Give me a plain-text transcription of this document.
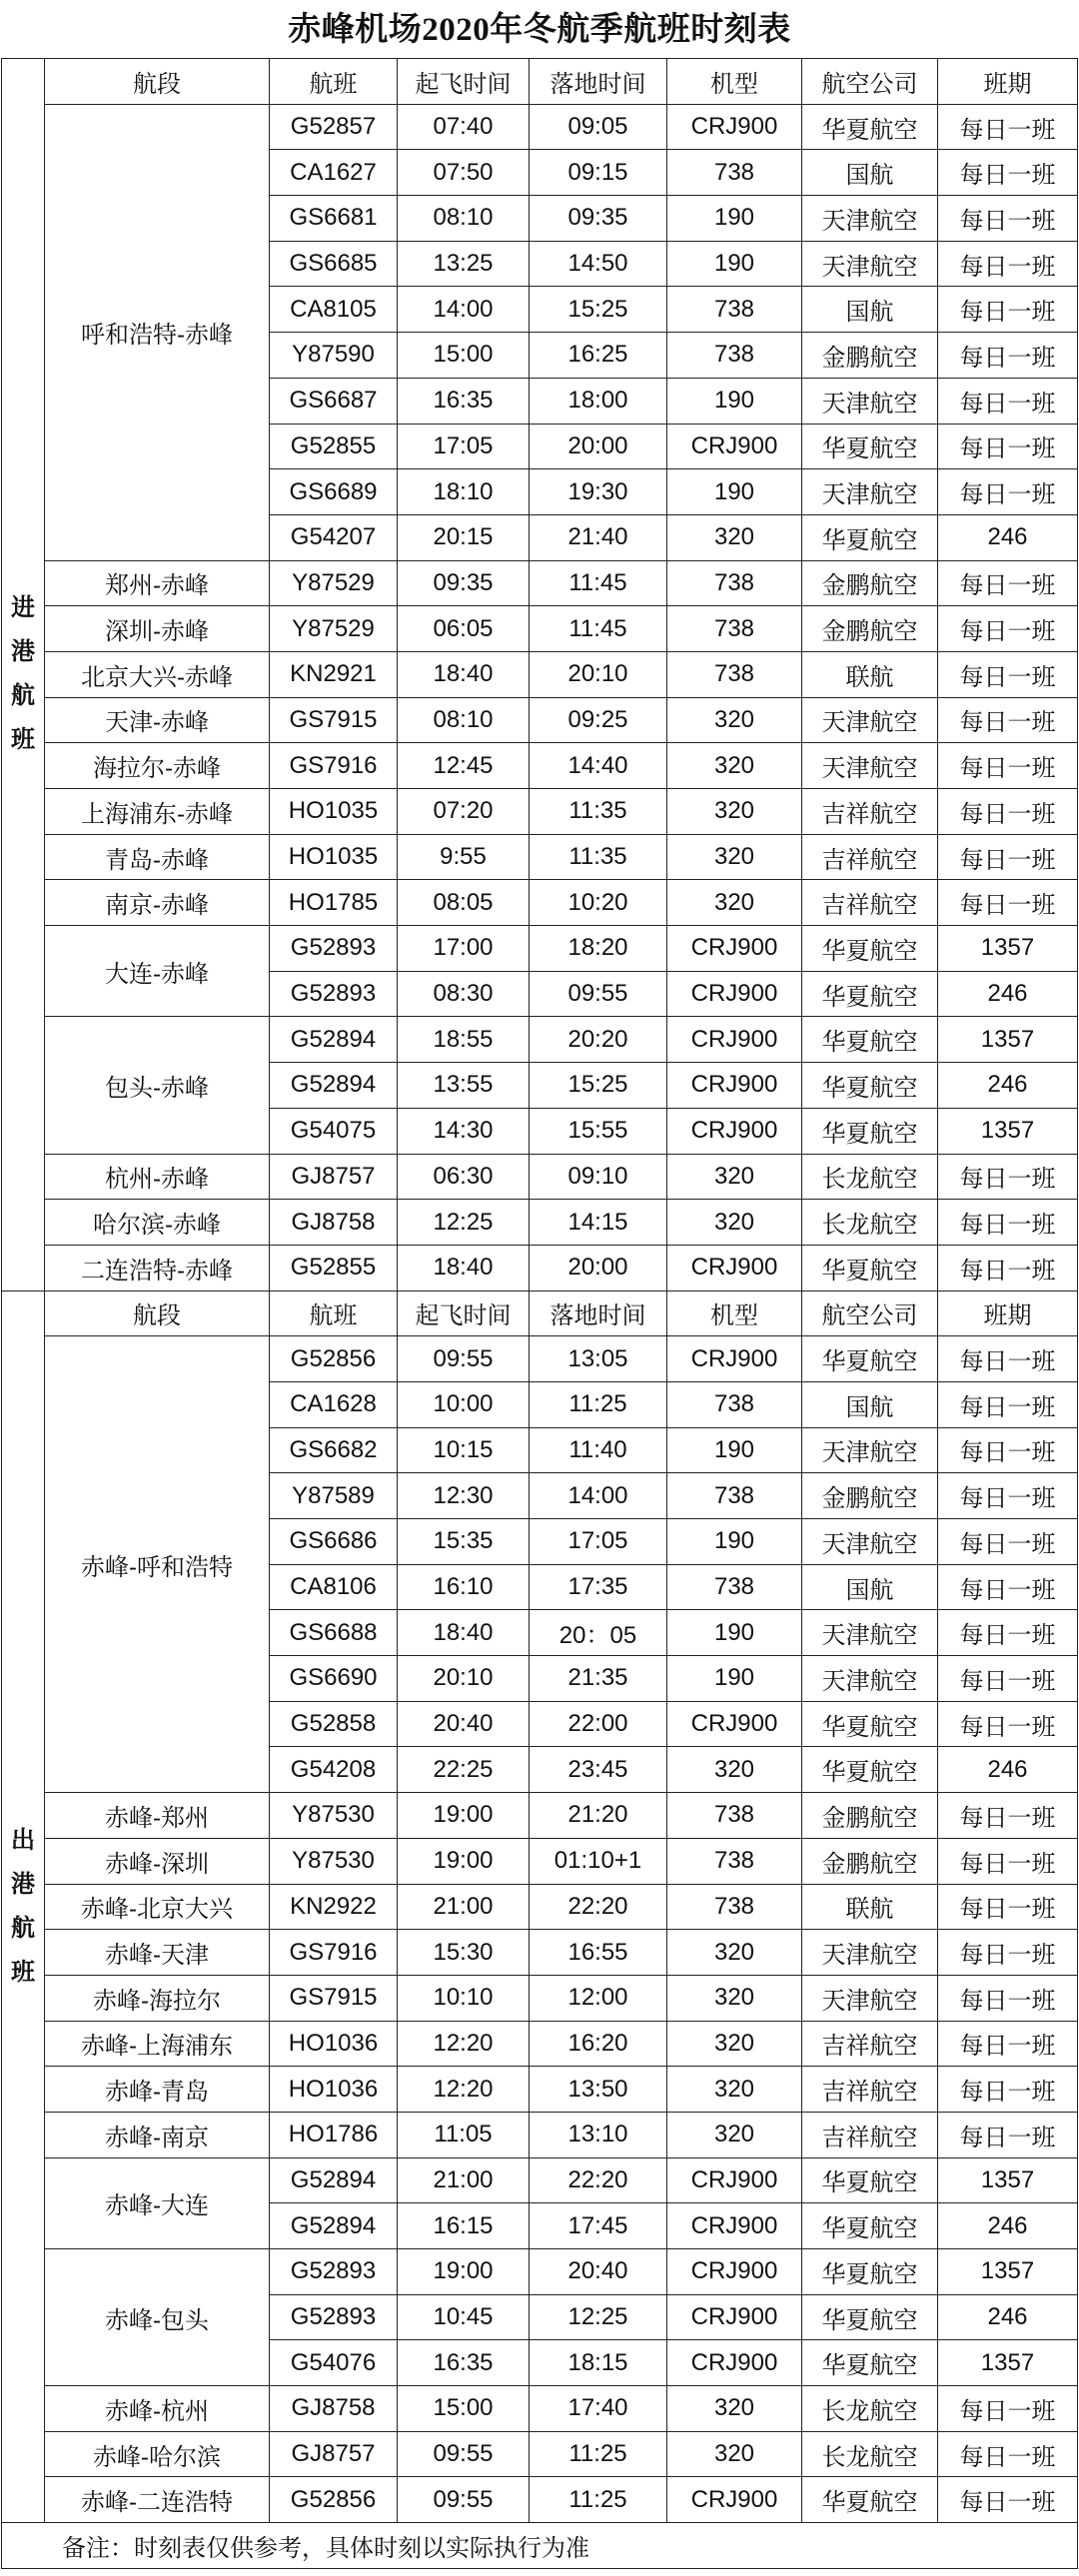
赤峰机场2020年冬航季航班时刻表
进港航班
航段	航班	起飞时间	落地时间	机型	航空公司	班期
呼和浩特-赤峰
G52857	07:40	09:05	CRJ900	华夏航空	每日一班
CA1627	07:50	09:15	738	国航	每日一班
GS6681	08:10	09:35	190	天津航空	每日一班
GS6685	13:25	14:50	190	天津航空	每日一班
CA8105	14:00	15:25	738	国航	每日一班
Y87590	15:00	16:25	738	金鹏航空	每日一班
GS6687	16:35	18:00	190	天津航空	每日一班
G52855	17:05	20:00	CRJ900	华夏航空	每日一班
GS6689	18:10	19:30	190	天津航空	每日一班
G54207	20:15	21:40	320	华夏航空	246
郑州-赤峰	Y87529	09:35	11:45	738	金鹏航空	每日一班
深圳-赤峰	Y87529	06:05	11:45	738	金鹏航空	每日一班
北京大兴-赤峰	KN2921	18:40	20:10	738	联航	每日一班
天津-赤峰	GS7915	08:10	09:25	320	天津航空	每日一班
海拉尔-赤峰	GS7916	12:45	14:40	320	天津航空	每日一班
上海浦东-赤峰	HO1035	07:20	11:35	320	吉祥航空	每日一班
青岛-赤峰	HO1035	9:55	11:35	320	吉祥航空	每日一班
南京-赤峰	HO1785	08:05	10:20	320	吉祥航空	每日一班
大连-赤峰
G52893	17:00	18:20	CRJ900	华夏航空	1357
G52893	08:30	09:55	CRJ900	华夏航空	246
包头-赤峰
G52894	18:55	20:20	CRJ900	华夏航空	1357
G52894	13:55	15:25	CRJ900	华夏航空	246
G54075	14:30	15:55	CRJ900	华夏航空	1357
杭州-赤峰	GJ8757	06:30	09:10	320	长龙航空	每日一班
哈尔滨-赤峰	GJ8758	12:25	14:15	320	长龙航空	每日一班
二连浩特-赤峰	G52855	18:40	20:00	CRJ900	华夏航空	每日一班
出港航班
航段	航班	起飞时间	落地时间	机型	航空公司	班期
赤峰-呼和浩特
G52856	09:55	13:05	CRJ900	华夏航空	每日一班
CA1628	10:00	11:25	738	国航	每日一班
GS6682	10:15	11:40	190	天津航空	每日一班
Y87589	12:30	14:00	738	金鹏航空	每日一班
GS6686	15:35	17:05	190	天津航空	每日一班
CA8106	16:10	17:35	738	国航	每日一班
GS6688	18:40	20：05	190	天津航空	每日一班
GS6690	20:10	21:35	190	天津航空	每日一班
G52858	20:40	22:00	CRJ900	华夏航空	每日一班
G54208	22:25	23:45	320	华夏航空	246
赤峰-郑州	Y87530	19:00	21:20	738	金鹏航空	每日一班
赤峰-深圳	Y87530	19:00	01:10+1	738	金鹏航空	每日一班
赤峰-北京大兴	KN2922	21:00	22:20	738	联航	每日一班
赤峰-天津	GS7916	15:30	16:55	320	天津航空	每日一班
赤峰-海拉尔	GS7915	10:10	12:00	320	天津航空	每日一班
赤峰-上海浦东	HO1036	12:20	16:20	320	吉祥航空	每日一班
赤峰-青岛	HO1036	12:20	13:50	320	吉祥航空	每日一班
赤峰-南京	HO1786	11:05	13:10	320	吉祥航空	每日一班
赤峰-大连
G52894	21:00	22:20	CRJ900	华夏航空	1357
G52894	16:15	17:45	CRJ900	华夏航空	246
赤峰-包头
G52893	19:00	20:40	CRJ900	华夏航空	1357
G52893	10:45	12:25	CRJ900	华夏航空	246
G54076	16:35	18:15	CRJ900	华夏航空	1357
赤峰-杭州	GJ8758	15:00	17:40	320	长龙航空	每日一班
赤峰-哈尔滨	GJ8757	09:55	11:25	320	长龙航空	每日一班
赤峰-二连浩特	G52856	09:55	11:25	CRJ900	华夏航空	每日一班
备注：时刻表仅供参考，具体时刻以实际执行为准
